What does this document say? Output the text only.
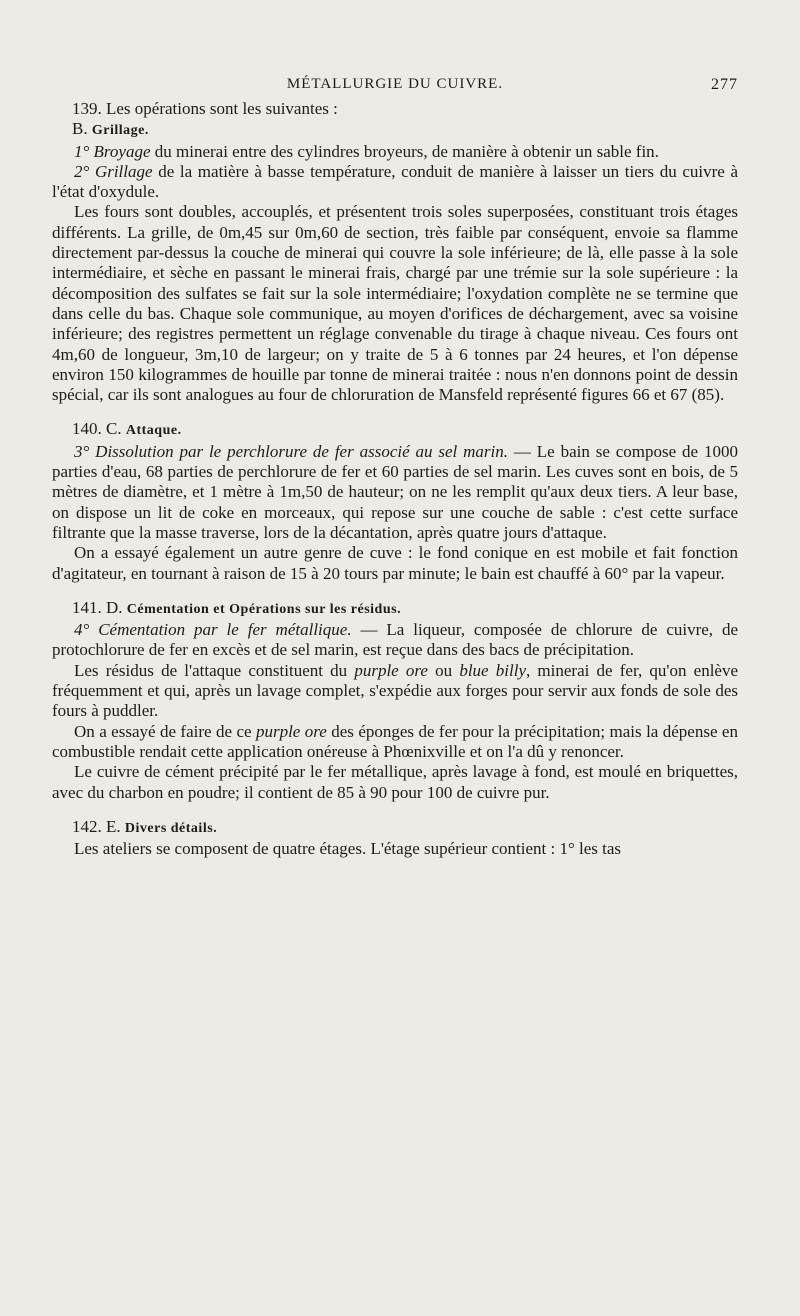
MÉTALLURGIE DU CUIVRE.	277
139. Les opérations sont les suivantes :
B. Grillage.

1° Broyage du minerai entre des cylindres broyeurs, de manière à obtenir un sable fin.

2° Grillage de la matière à basse température, conduit de manière à laisser un tiers du cuivre à l'état d'oxydule.

Les fours sont doubles, accouplés, et présentent trois soles superposées, constituant trois étages différents. La grille, de 0m,45 sur 0m,60 de section, très faible par conséquent, envoie sa flamme directement par-dessus la couche de minerai qui couvre la sole inférieure; de là, elle passe à la sole intermédiaire, et sèche en passant le minerai frais, chargé par une trémie sur la sole supérieure : la décomposition des sulfates se fait sur la sole intermédiaire; l'oxydation complète ne se termine que dans celle du bas. Chaque sole communique, au moyen d'orifices de déchargement, avec sa voisine inférieure; des registres permettent un réglage convenable du tirage à chaque niveau. Ces fours ont 4m,60 de longueur, 3m,10 de largeur; on y traite de 5 à 6 tonnes par 24 heures, et l'on dépense environ 150 kilogrammes de houille par tonne de minerai traitée : nous n'en donnons point de dessin spécial, car ils sont analogues au four de chloruration de Mansfeld représenté figures 66 et 67 (85).

140. C. Attaque.

3° Dissolution par le perchlorure de fer associé au sel marin. — Le bain se compose de 1000 parties d'eau, 68 parties de perchlorure de fer et 60 parties de sel marin. Les cuves sont en bois, de 5 mètres de diamètre, et 1 mètre à 1m,50 de hauteur; on ne les remplit qu'aux deux tiers. A leur base, on dispose un lit de coke en morceaux, qui repose sur une couche de sable : c'est cette surface filtrante que la masse traverse, lors de la décantation, après quatre jours d'attaque.

On a essayé également un autre genre de cuve : le fond conique en est mobile et fait fonction d'agitateur, en tournant à raison de 15 à 20 tours par minute; le bain est chauffé à 60° par la vapeur.

141. D. Cémentation et Opérations sur les résidus.

4° Cémentation par le fer métallique. — La liqueur, composée de chlorure de cuivre, de protochlorure de fer en excès et de sel marin, est reçue dans des bacs de précipitation.

Les résidus de l'attaque constituent du purple ore ou blue billy, minerai de fer, qu'on enlève fréquemment et qui, après un lavage complet, s'expédie aux forges pour servir aux fonds de sole des fours à puddler.

On a essayé de faire de ce purple ore des éponges de fer pour la précipitation; mais la dépense en combustible rendait cette application onéreuse à Phœnixville et on l'a dû y renoncer.

Le cuivre de cément précipité par le fer métallique, après lavage à fond, est moulé en briquettes, avec du charbon en poudre; il contient de 85 à 90 pour 100 de cuivre pur.

142. E. Divers détails.

Les ateliers se composent de quatre étages. L'étage supérieur contient : 1° les tas
